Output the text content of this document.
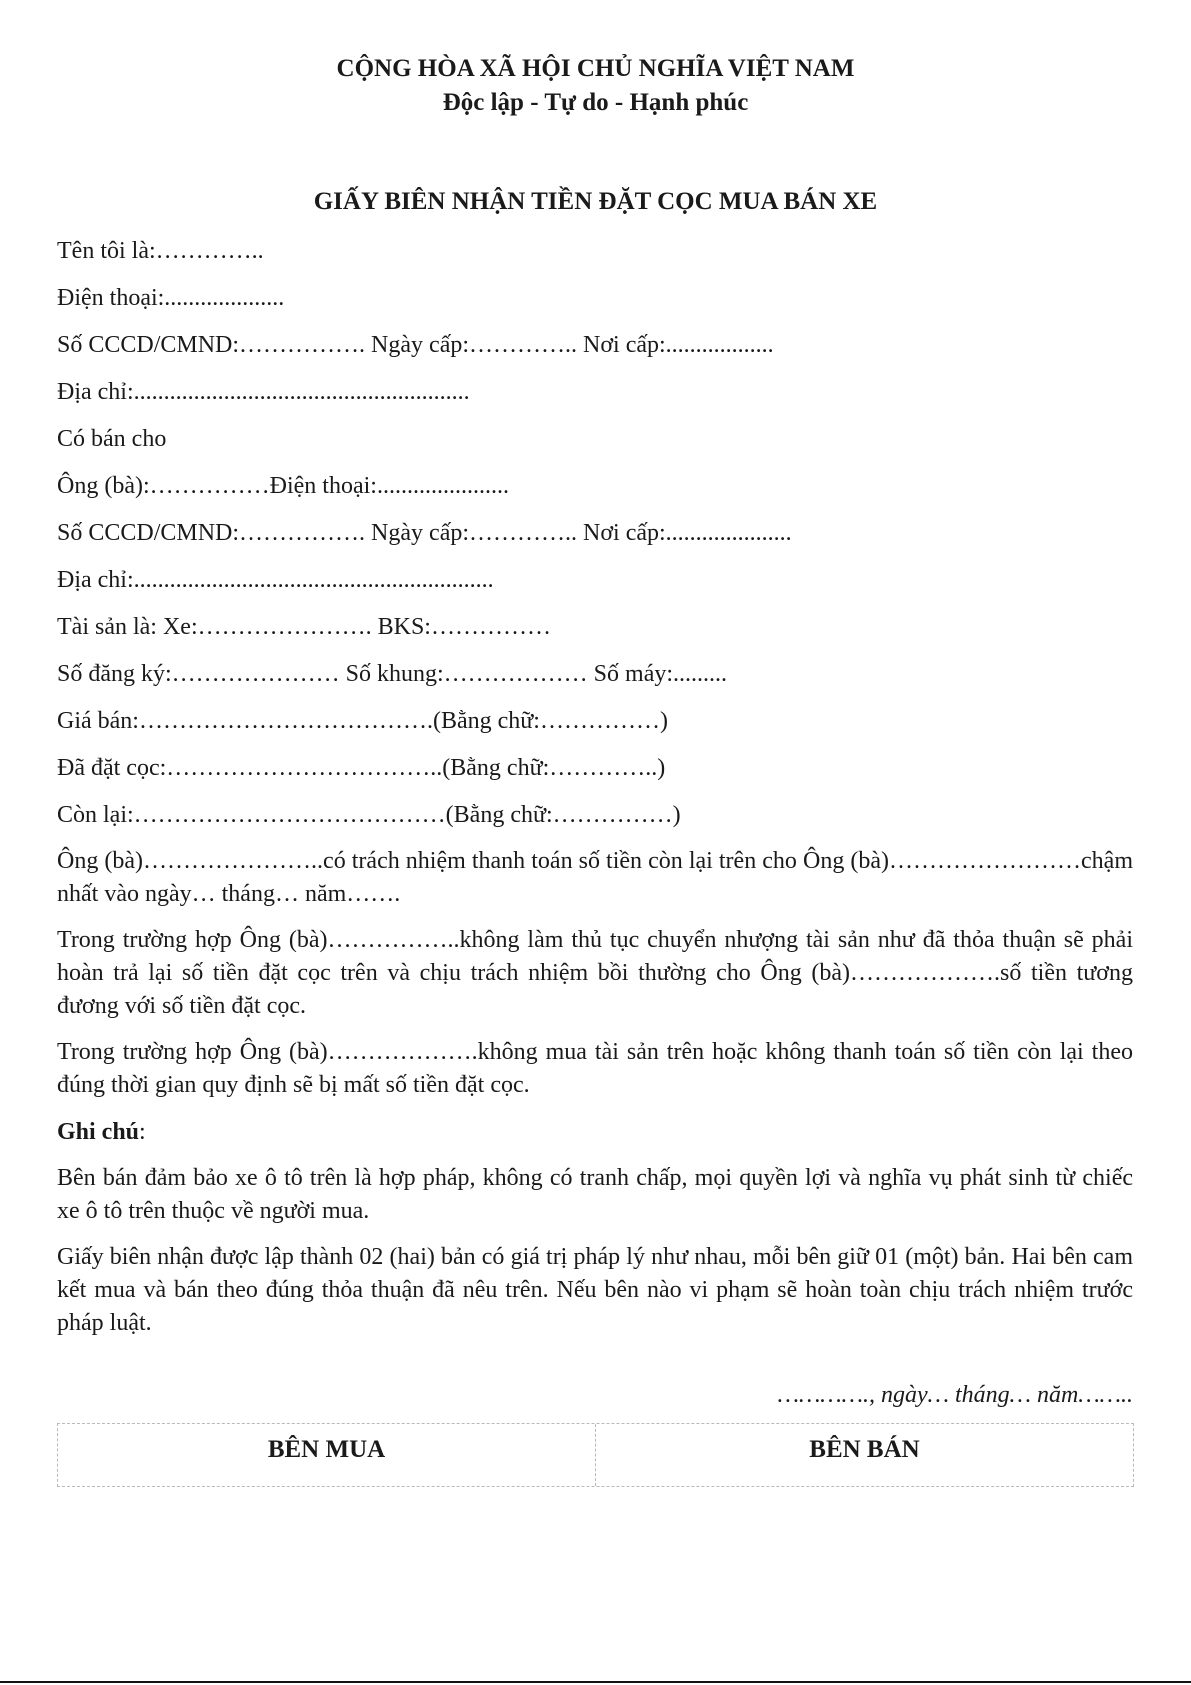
CỘNG HÒA XÃ HỘI CHỦ NGHĨA VIỆT NAM
Độc lập - Tự do - Hạnh phúc
GIẤY BIÊN NHẬN TIỀN ĐẶT CỌC MUA BÁN XE
Tên tôi là:…………..
Điện thoại:....................
Số CCCD/CMND:……………. Ngày cấp:………….. Nơi cấp:..................
Địa chỉ:........................................................
Có bán cho
Ông (bà):……………Điện thoại:......................
Số CCCD/CMND:……………. Ngày cấp:………….. Nơi cấp:.....................
Địa chỉ:............................................................
Tài sản là: Xe:…………………. BKS:……………
Số đăng ký:………………… Số khung:……………… Số máy:.........
Giá bán:……………………………….(Bằng chữ:……………)
Đã đặt cọc:……………………………..(Bằng chữ:…………..)
Còn lại:…………………………………(Bằng chữ:……………)
Ông (bà)…………………..có trách nhiệm thanh toán số tiền còn lại trên cho Ông (bà)……………………chậm nhất vào ngày… tháng… năm…….
Trong trường hợp Ông (bà)……………..không làm thủ tục chuyển nhượng tài sản như đã thỏa thuận sẽ phải hoàn trả lại số tiền đặt cọc trên và chịu trách nhiệm bồi thường cho Ông (bà)……………….số tiền tương đương với số tiền đặt cọc.
Trong trường hợp Ông (bà)……………….không mua tài sản trên hoặc không thanh toán số tiền còn lại theo đúng thời gian quy định sẽ bị mất số tiền đặt cọc.
Ghi chú:
Bên bán đảm bảo xe ô tô trên là hợp pháp, không có tranh chấp, mọi quyền lợi và nghĩa vụ phát sinh từ chiếc xe ô tô trên thuộc về người mua.
Giấy biên nhận được lập thành 02 (hai) bản có giá trị pháp lý như nhau, mỗi bên giữ 01 (một) bản. Hai bên cam kết mua và bán theo đúng thỏa thuận đã nêu trên. Nếu bên nào vi phạm sẽ hoàn toàn chịu trách nhiệm trước pháp luật.
…………., ngày… tháng… năm……..
BÊN MUA	BÊN BÁN
